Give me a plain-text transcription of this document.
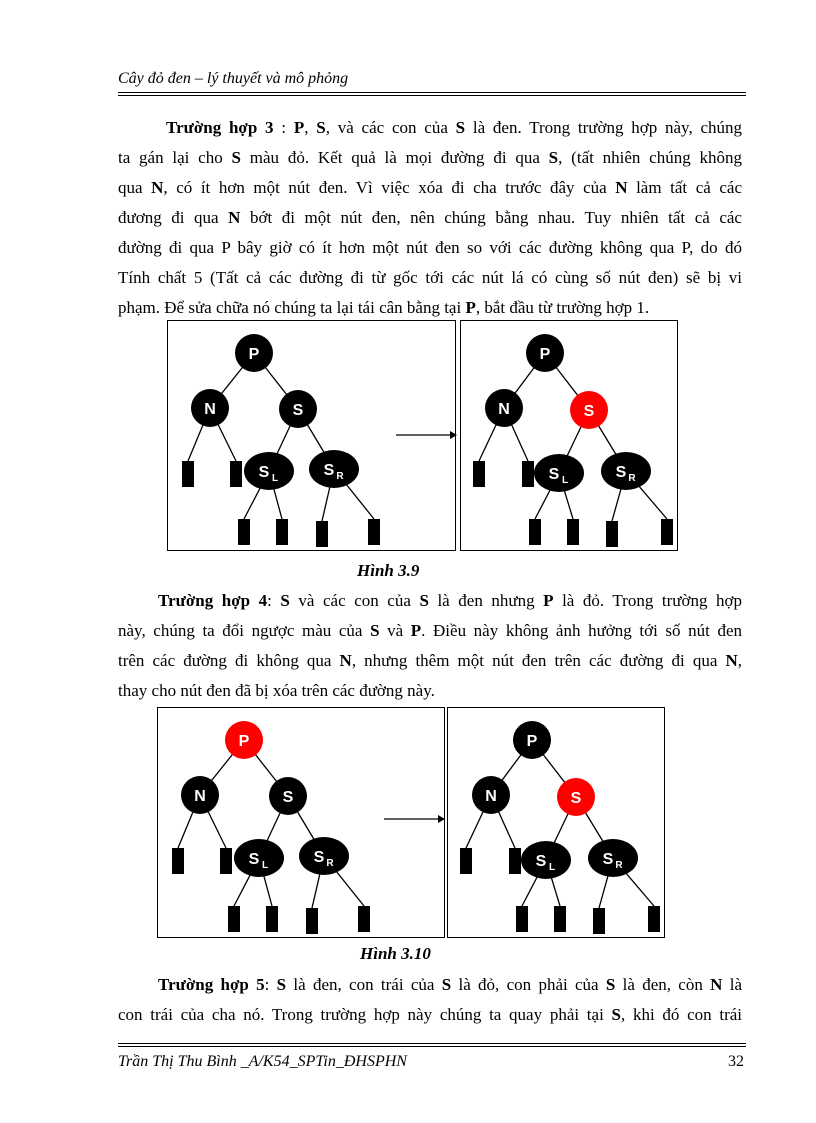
Cây đỏ đen – lý thuyết và mô phỏng
Trường hợp 3 : P, S, và các con của S là đen. Trong trường hợp này, chúng
ta gán lại cho S màu đỏ. Kết quả là mọi đường đi qua S, (tất nhiên chúng không
qua N, có ít hơn một nút đen. Vì việc xóa đi cha trước đây của N làm tất cả các
đương đi qua N bớt đi một nút đen, nên chúng bằng nhau. Tuy nhiên tất cả các
đường đi qua P bây giờ có ít hơn một nút đen so với các đường không qua P, do đó
Tính chất 5 (Tất cả các đường đi từ gốc tới các nút lá có cùng số nút đen) sẽ bị vi
phạm. Để sửa chữa nó chúng ta lại tái cân bằng tại P, bắt đầu từ trường hợp 1.
P
N	S
S L	S R
P
N	S
S L	S R
Hình 3.9
Trường hợp 4: S và các con của S là đen nhưng P là đỏ. Trong trường hợp
này, chúng ta đổi ngược màu của S và P. Điều này không ảnh hưởng tới số nút đen
trên các đường đi không qua N, nhưng thêm một nút đen trên các đường đi qua N,
thay cho nút đen đã bị xóa trên các đường này.
P
N	S
S L	S R
P
N	S
S L	S R
Hình 3.10
Trường hợp 5: S là đen, con trái của S là đỏ, con phải của S là đen, còn N là
con trái của cha nó. Trong trường hợp này chúng ta quay phải tại S, khi đó con trái
Trần Thị Thu Bình _A/K54_SPTin_ĐHSPHN	32
